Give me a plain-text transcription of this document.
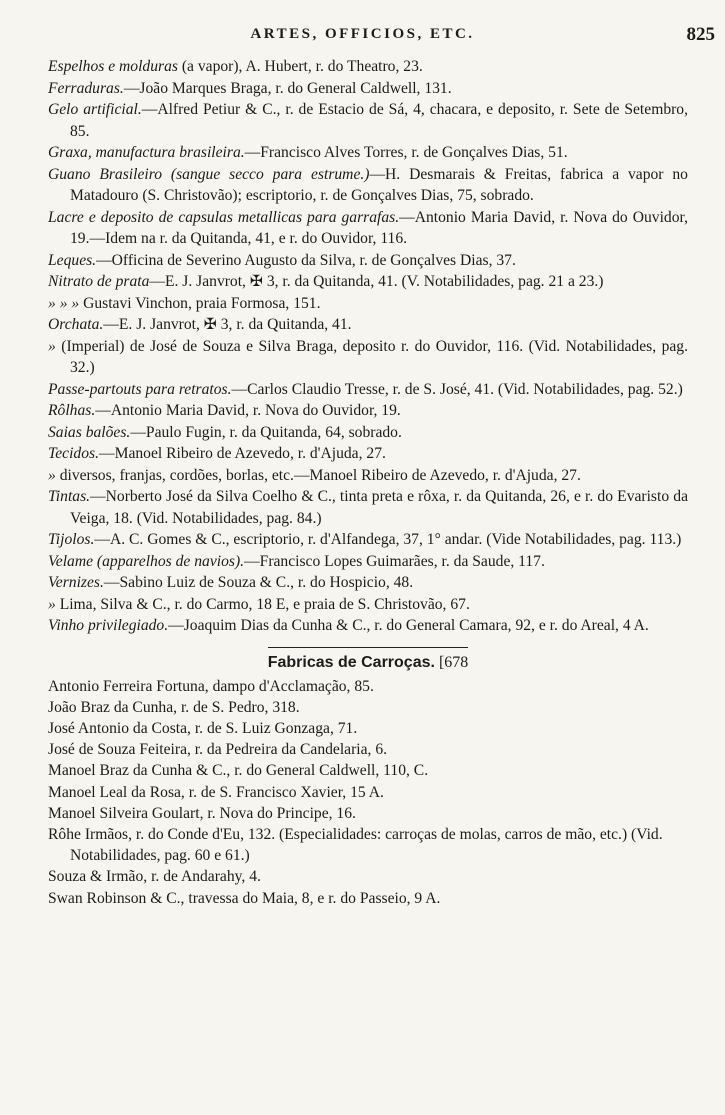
ARTES, OFFICIOS, ETC.	825
Espelhos e molduras (a vapor), A. Hubert, r. do Theatro, 23.
Ferraduras.—João Marques Braga, r. do General Caldwell, 131.
Gelo artificial.—Alfred Petiur & C., r. de Estacio de Sá, 4, chacara, e deposito, r. Sete de Setembro, 85.
Graxa, manufactura brasileira.—Francisco Alves Torres, r. de Gonçalves Dias, 51.
Guano Brasileiro (sangue secco para estrume.)—H. Desmarais & Freitas, fabrica a vapor no Matadouro (S. Christovão); escriptorio, r. de Gonçalves Dias, 75, sobrado.
Lacre e deposito de capsulas metallicas para garrafas.—Antonio Maria David, r. Nova do Ouvidor, 19.—Idem na r. da Quitanda, 41, e r. do Ouvidor, 116.
Leques.—Officina de Severino Augusto da Silva, r. de Gonçalves Dias, 37.
Nitrato de prata—E. J. Janvrot, ✠ 3, r. da Quitanda, 41. (V. Notabilidades, pag. 21 a 23.)
» » » Gustavi Vinchon, praia Formosa, 151.
Orchata.—E. J. Janvrot, ✠ 3, r. da Quitanda, 41.
» (Imperial) de José de Souza e Silva Braga, deposito r. do Ouvidor, 116. (Vid. Notabilidades, pag. 32.)
Passe-partouts para retratos.—Carlos Claudio Tresse, r. de S. José, 41. (Vid. Notabilidades, pag. 52.)
Rôlhas.—Antonio Maria David, r. Nova do Ouvidor, 19.
Saias balões.—Paulo Fugin, r. da Quitanda, 64, sobrado.
Tecidos.—Manoel Ribeiro de Azevedo, r. d'Ajuda, 27.
» diversos, franjas, cordões, borlas, etc.—Manoel Ribeiro de Azevedo, r. d'Ajuda, 27.
Tintas.—Norberto José da Silva Coelho & C., tinta preta e rôxa, r. da Quitanda, 26, e r. do Evaristo da Veiga, 18. (Vid. Notabilidades, pag. 84.)
Tijolos.—A. C. Gomes & C., escriptorio, r. d'Alfandega, 37, 1° andar. (Vide Notabilidades, pag. 113.)
Velame (apparelhos de navios).—Francisco Lopes Guimarães, r. da Saude, 117.
Vernizes.—Sabino Luiz de Souza & C., r. do Hospicio, 48.
» Lima, Silva & C., r. do Carmo, 18 E, e praia de S. Christovão, 67.
Vinho privilegiado.—Joaquim Dias da Cunha & C., r. do General Camara, 92, e r. do Areal, 4 A.
Fabricas de Carroças. [678
Antonio Ferreira Fortuna, dampo d'Acclamação, 85.
João Braz da Cunha, r. de S. Pedro, 318.
José Antonio da Costa, r. de S. Luiz Gonzaga, 71.
José de Souza Feiteira, r. da Pedreira da Candelaria, 6.
Manoel Braz da Cunha & C., r. do General Caldwell, 110, C.
Manoel Leal da Rosa, r. de S. Francisco Xavier, 15 A.
Manoel Silveira Goulart, r. Nova do Principe, 16.
Rôhe Irmãos, r. do Conde d'Eu, 132. (Especialidades: carroças de molas, carros de mão, etc.) (Vid. Notabilidades, pag. 60 e 61.)
Souza & Irmão, r. de Andarahy, 4.
Swan Robinson & C., travessa do Maia, 8, e r. do Passeio, 9 A.
